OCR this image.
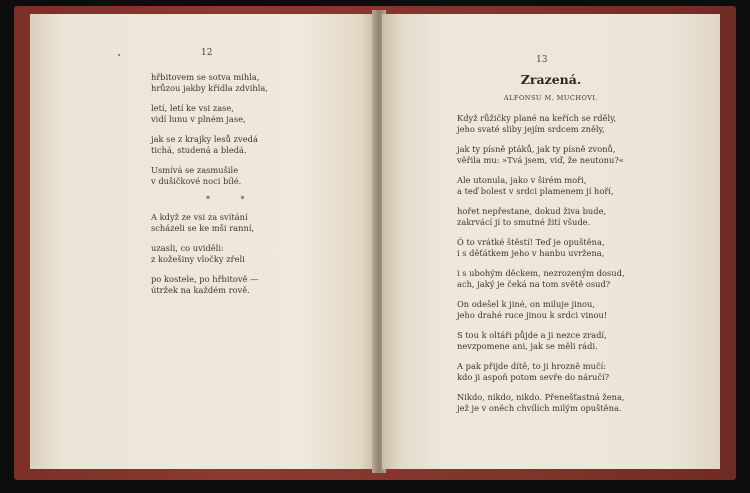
12
hřbitovem se sotva mihla,
hrůzou jakby křídla zdvihla,
letí, letí ke vsi zase,
vidí lunu v plném jase,
jak se z krajky lesů zvedá
tichá, studená a bledá.
Usmívá se zasmušile
v dušičkové noci bílé.
* *
A když ze vsi za svítání
scházeli se ke mši ranní,
uzasli, co uviděli:
z kožešiny vločky zřeli
po kostele, po hřbitově —
útržek na každém rově.
13
Zrazená.
ALFONSU M. MUCHOVI.
Když růžičky plané na keřích se rděly,
jeho svaté sliby jejím srdcem zněly,
jak ty písně ptáků, jak ty písně zvonů,
věřila mu: »Tvá jsem, viď, že neutonu?«
Ale utonula, jako v širém moři,
a teď bolest v srdci plamenem jí hoří,
hořet nepřestane, dokud živa bude,
zakrvácí jí to smutné žití všude.
Ó to vrátké štěstí! Teď je opuštěna,
i s děťátkem jeho v hanbu uvržena,
i s ubohým děckem, nezrozeným dosud,
ach, jaký je čeká na tom světě osud?
On odešel k jiné, on miluje jinou,
jeho drahé ruce jinou k srdci vinou!
S tou k oltáři půjde a ji nezce zradí,
nevzpomene ani, jak se měli rádi.
A pak přijde dítě, to ji hrozně mučí:
kdo ji aspoň potom sevře do náručí?
Nikdo, nikdo, nikdo. Přenešťastná žena,
jež je v oněch chvílích milým opuštěna.
